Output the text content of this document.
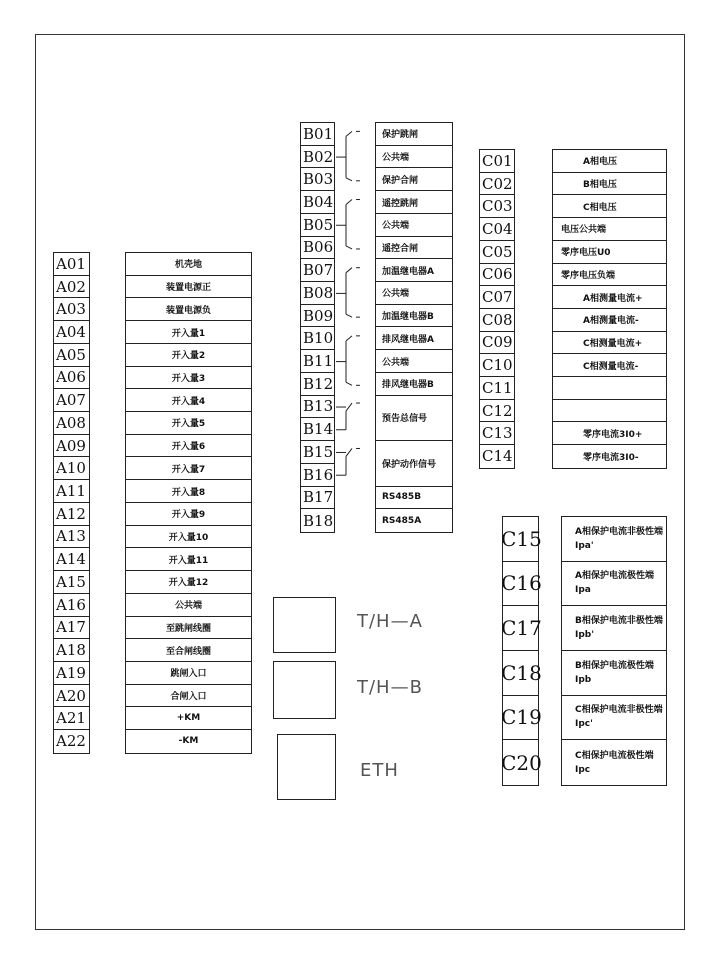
A01
A02
A03
A04
A05
A06
A07
A08
A09
A10
A11
A12
A13
A14
A15
A16
A17
A18
A19
A20
A21
A22
机壳地
装置电源正
装置电源负
开入量1
开入量2
开入量3
开入量4
开入量5
开入量6
开入量7
开入量8
开入量9
开入量10
开入量11
开入量12
公共端
至跳闸线圈
至合闸线圈
跳闸入口
合闸入口
+KM
-KM
B01
B02
B03
B04
B05
B06
B07
B08
B09
B10
B11
B12
B13
B14
B15
B16
B17
B18
保护跳闸
公共端
保护合闸
遥控跳闸
公共端
遥控合闸
加温继电器A
公共端
加温继电器B
排风继电器A
公共端
排风继电器B
预告总信号
保护动作信号
RS485B
RS485A
C01
C02
C03
C04
C05
C06
C07
C08
C09
C10
C11
C12
C13
C14
A相电压
B相电压
C相电压
电压公共端
零序电压U0
零序电压负端
A相测量电流+
A相测量电流-
C相测量电流+
C相测量电流-
零序电流3I0+
零序电流3I0-
C15
C16
C17
C18
C19
C20
A相保护电流非极性端Ipa'
A相保护电流极性端Ipa
B相保护电流非极性端Ipb'
B相保护电流极性端Ipb
C相保护电流非极性端Ipc'
C相保护电流极性端Ipc
T/H—A
T/H—B
ETH
